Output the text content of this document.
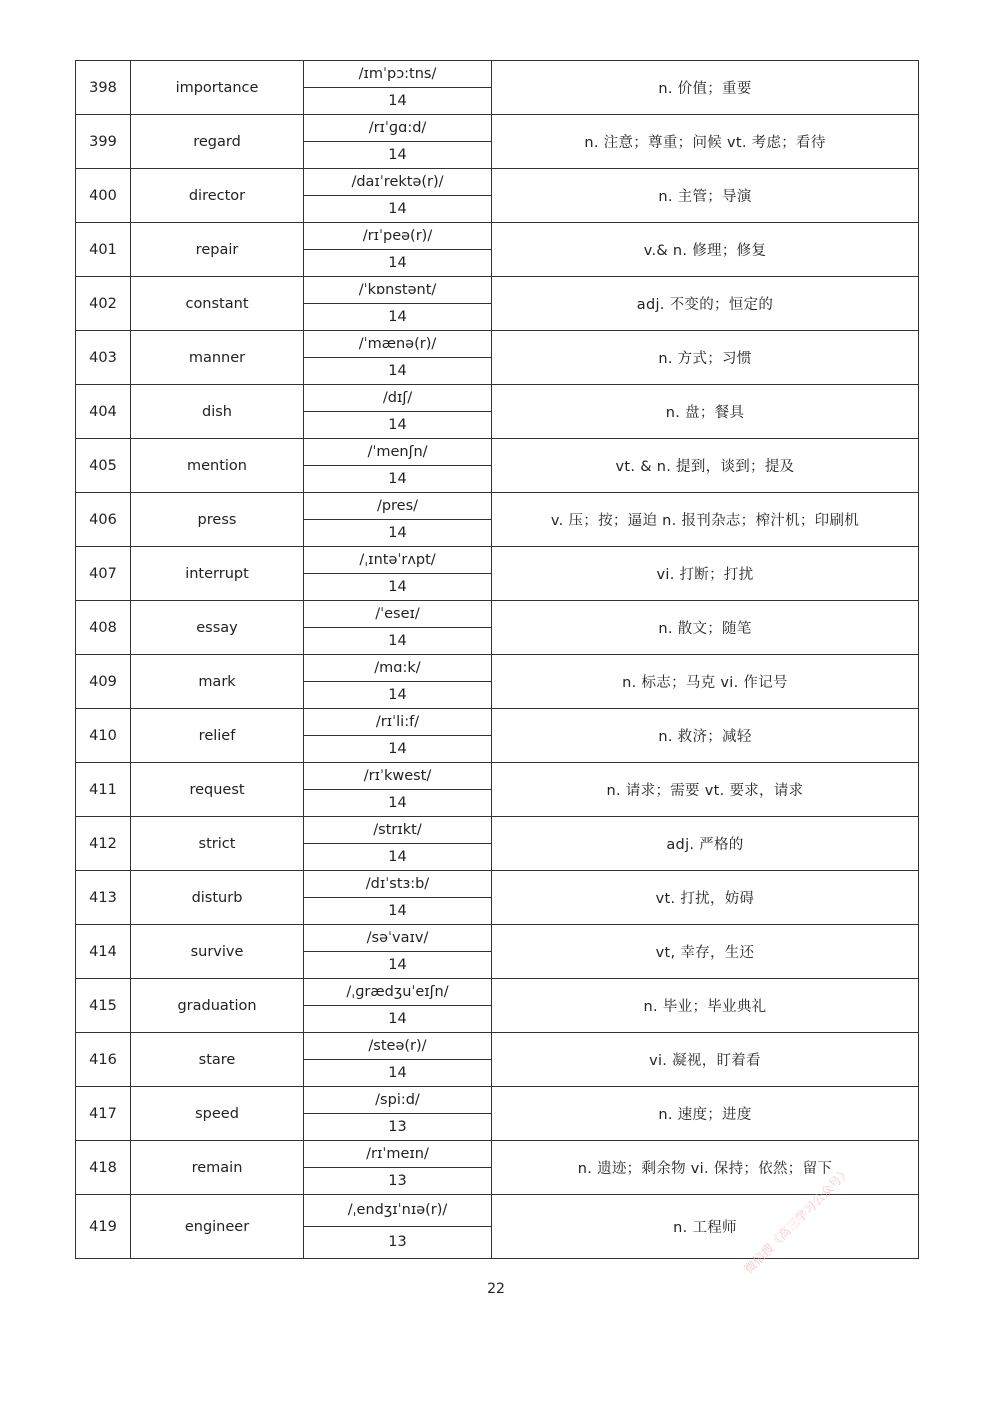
398	importance	/ɪmˈpɔ:tns/	n. 价值；重要
		14	
399	regard	/rɪˈɡɑ:d/	n. 注意；尊重；问候 vt. 考虑；看待
		14	
400	director	/daɪˈrektə(r)/	n. 主管；导演
		14	
401	repair	/rɪˈpeə(r)/	v.& n. 修理；修复
		14	
402	constant	/ˈkɒnstənt/	adj. 不变的；恒定的
		14	
403	manner	/ˈmænə(r)/	n. 方式；习惯
		14	
404	dish	/dɪʃ/	n. 盘；餐具
		14	
405	mention	/ˈmenʃn/	vt. & n. 提到，谈到；提及
		14	
406	press	/pres/	v. 压；按；逼迫 n. 报刊杂志；榨汁机；印刷机
		14	
407	interrupt	/ˌɪntəˈrʌpt/	vi. 打断；打扰
		14	
408	essay	/ˈeseɪ/	n. 散文；随笔
		14	
409	mark	/mɑ:k/	n. 标志；马克 vi. 作记号
		14	
410	relief	/rɪˈli:f/	n. 救济；减轻
		14	
411	request	/rɪˈkwest/	n. 请求；需要 vt. 要求，请求
		14	
412	strict	/strɪkt/	adj. 严格的
		14	
413	disturb	/dɪˈstɜ:b/	vt. 打扰，妨碍
		14	
414	survive	/səˈvaɪv/	vt, 幸存，生还
		14	
415	graduation	/ˌɡrædʒuˈeɪʃn/	n. 毕业；毕业典礼
		14	
416	stare	/steə(r)/	vi. 凝视，盯着看
		14	
417	speed	/spi:d/	n. 速度；进度
		13	
418	remain	/rɪˈmeɪn/	n. 遗迹；剩余物 vi. 保持；依然；留下
		13	
419	engineer	/ˌendʒɪˈnɪə(r)/	n. 工程师
		13	
22
微信搜《高三学习公众号》
